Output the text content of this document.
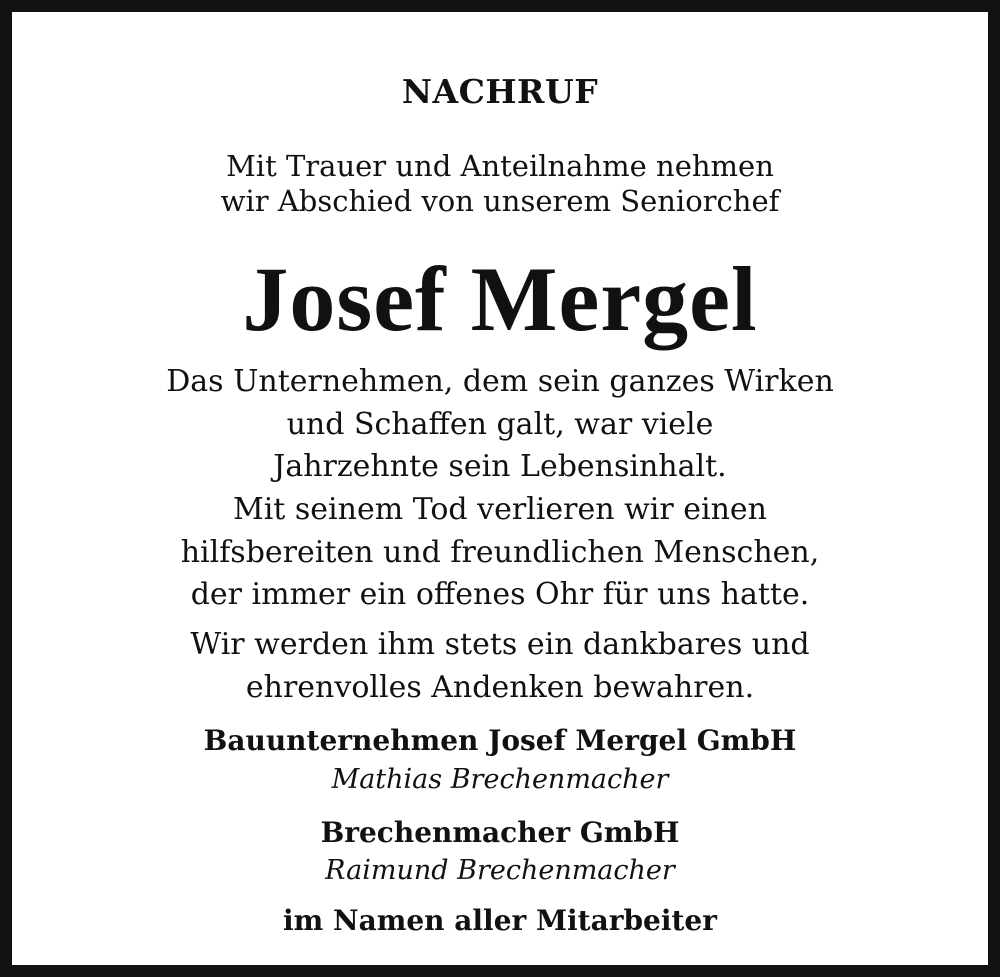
NACHRUF
Mit Trauer und Anteilnahme nehmen
wir Abschied von unserem Seniorchef
Josef Mergel
Das Unternehmen, dem sein ganzes Wirken
und Schaffen galt, war viele
Jahrzehnte sein Lebensinhalt.
Mit seinem Tod verlieren wir einen
hilfsbereiten und freundlichen Menschen,
der immer ein offenes Ohr für uns hatte.
Wir werden ihm stets ein dankbares und
ehrenvolles Andenken bewahren.
Bauunternehmen Josef Mergel GmbH
Mathias Brechenmacher
Brechenmacher GmbH
Raimund Brechenmacher
im Namen aller Mitarbeiter
